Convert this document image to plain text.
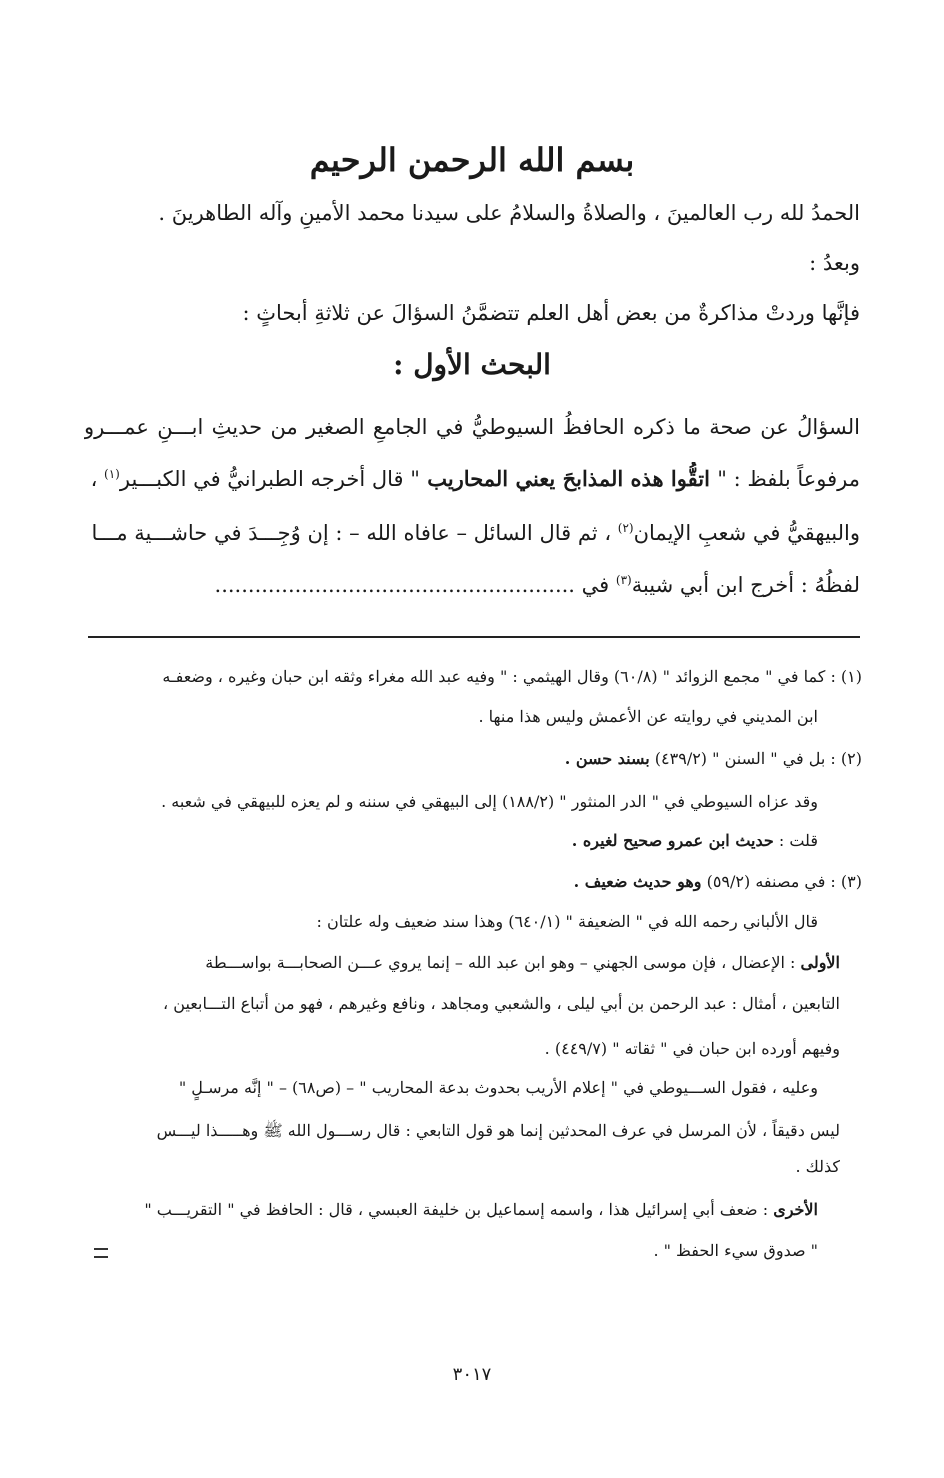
بسم الله الرحمن الرحيم
الحمدُ لله رب العالمينَ ، والصلاةُ والسلامُ على سيدنا محمد الأمينِ وآله الطاهرينَ .
وبعدُ :
فإنَّها وردتْ مذاكرةٌ من بعض أهل العلم تتضمَّنُ السؤالَ عن ثلاثةِ أبحاثٍ :
البحث الأول :
السؤالُ عن صحة ما ذكره الحافظُ السيوطيُّ في الجامعِ الصغير من حديثِ ابـــنِ عمـــرو
مرفوعاً بلفظ : " اتقُّوا هذه المذابحَ يعني المحاريب " قال أخرجه الطبرانيُّ في الكبـــير$^{(١)}$ ،
والبيهقيُّ في شعبِ الإيمان$^{(٢)}$ ، ثم قال السائل – عافاه الله – : إن وُجِـــدَ في حاشـــية مـــا
لفظُهُ : أخرج ابن أبي شيبة$^{(٣)}$ في ......................................................
(١) : كما في " مجمع الزوائد " (٦٠/٨) وقال الهيثمي : " وفيه عبد الله مغراء وثقه ابن حبان وغيره ، وضعفـه
ابن المديني في روايته عن الأعمش وليس هذا منها .
(٢) : بل في " السنن " (٤٣٩/٢) بسند حسن .
وقد عزاه السيوطي في " الدر المنثور " (١٨٨/٢) إلى البيهقي في سننه و لم يعزه للبيهقي في شعبه .
قلت : حديث ابن عمرو صحيح لغيره .
(٣) : في مصنفه (٥٩/٢) وهو حديث ضعيف .
قال الألباني رحمه الله في " الضعيفة " (٦٤٠/١) وهذا سند ضعيف وله علتان :
الأولى : الإعضال ، فإن موسى الجهني – وهو ابن عبد الله – إنما يروي عـــن الصحابـــة بواســـطة
التابعين ، أمثال : عبد الرحمن بن أبي ليلى ، والشعبي ومجاهد ، ونافع وغيرهم ، فهو من أتباع التـــابعين ،
وفيهم أورده ابن حبان في " ثقاته " (٤٤٩/٧) .
وعليه ، فقول الســـيوطي في " إعلام الأريب بحدوث بدعة المحاريب " – (ص٦٨) – " إنَّه مرسـلٍ "
ليس دقيقاً ، لأن المرسل في عرف المحدثين إنما هو قول التابعي : قال رســـول الله ﷺ وهـــــذا ليـــس
كذلك .
الأخرى : ضعف أبي إسرائيل هذا ، واسمه إسماعيل بن خليفة العبسي ، قال : الحافظ في " التقريـــب "
" صدوق سيء الحفظ " .
٣٠١٧
